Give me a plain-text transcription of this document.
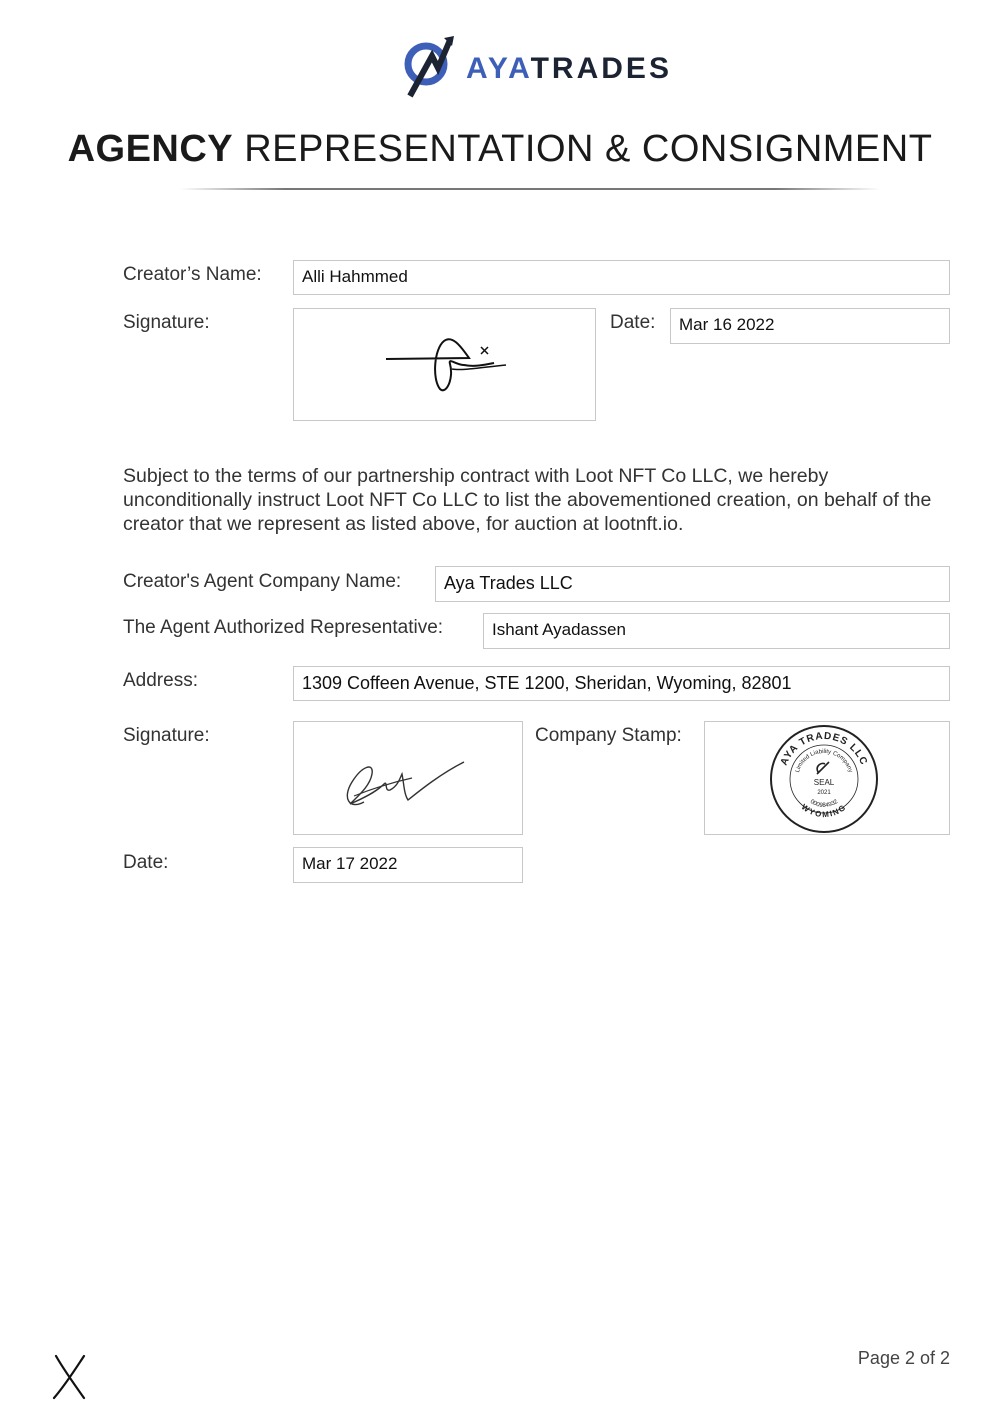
AYATRADES
AGENCY REPRESENTATION & CONSIGNMENT
Creator’s Name:	Alli Hahmmed
Signature:	Date:	Mar 16 2022
Subject to the terms of our partnership contract with Loot NFT Co LLC, we hereby unconditionally instruct Loot NFT Co LLC to list the abovementioned creation, on behalf of the creator that we represent as listed above, for auction at lootnft.io.
Creator's Agent Company Name:	Aya Trades LLC
The Agent Authorized Representative:	Ishant Ayadassen
Address:	1309 Coffeen Avenue, STE 1200, Sheridan, Wyoming, 82801
Signature:	Company Stamp:
AYA TRADES LLC
Limited Liability Company
WYOMING
000984932
SEAL
2021
Date:	Mar 17 2022
Page 2 of 2
